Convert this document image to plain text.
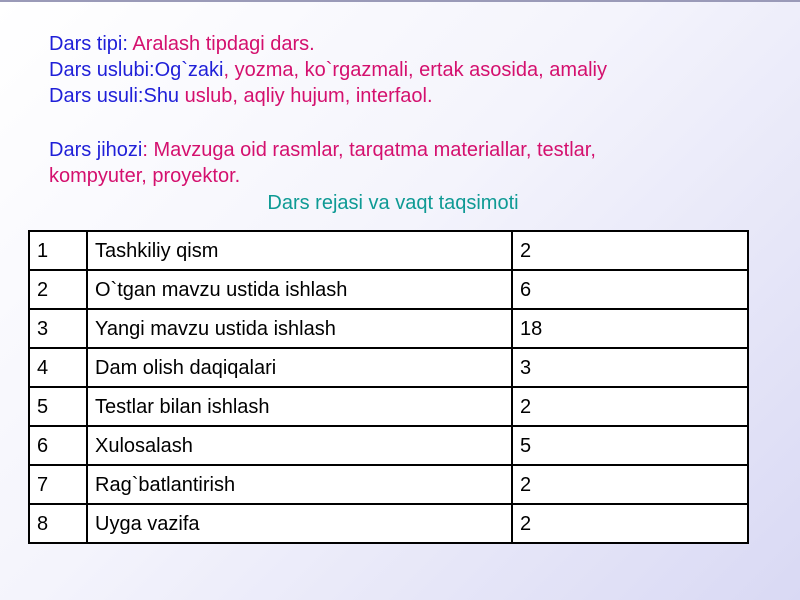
Dars tipi: Aralash tipdagi dars.
Dars uslubi:Og`zaki, yozma, ko`rgazmali, ertak asosida, amaliy
Dars usuli:Shu uslub, aqliy hujum, interfaol.
Dars jihozi: Mavzuga oid rasmlar, tarqatma materiallar, testlar,
kompyuter, proyektor.
Dars rejasi va vaqt taqsimoti
1	Tashkiliy qism	2
2	O`tgan mavzu ustida ishlash	6
3	Yangi mavzu ustida ishlash	18
4	Dam olish daqiqalari	3
5	Testlar bilan ishlash	2
6	Xulosalash	5
7	Rag`batlantirish	2
8	Uyga vazifa	2
